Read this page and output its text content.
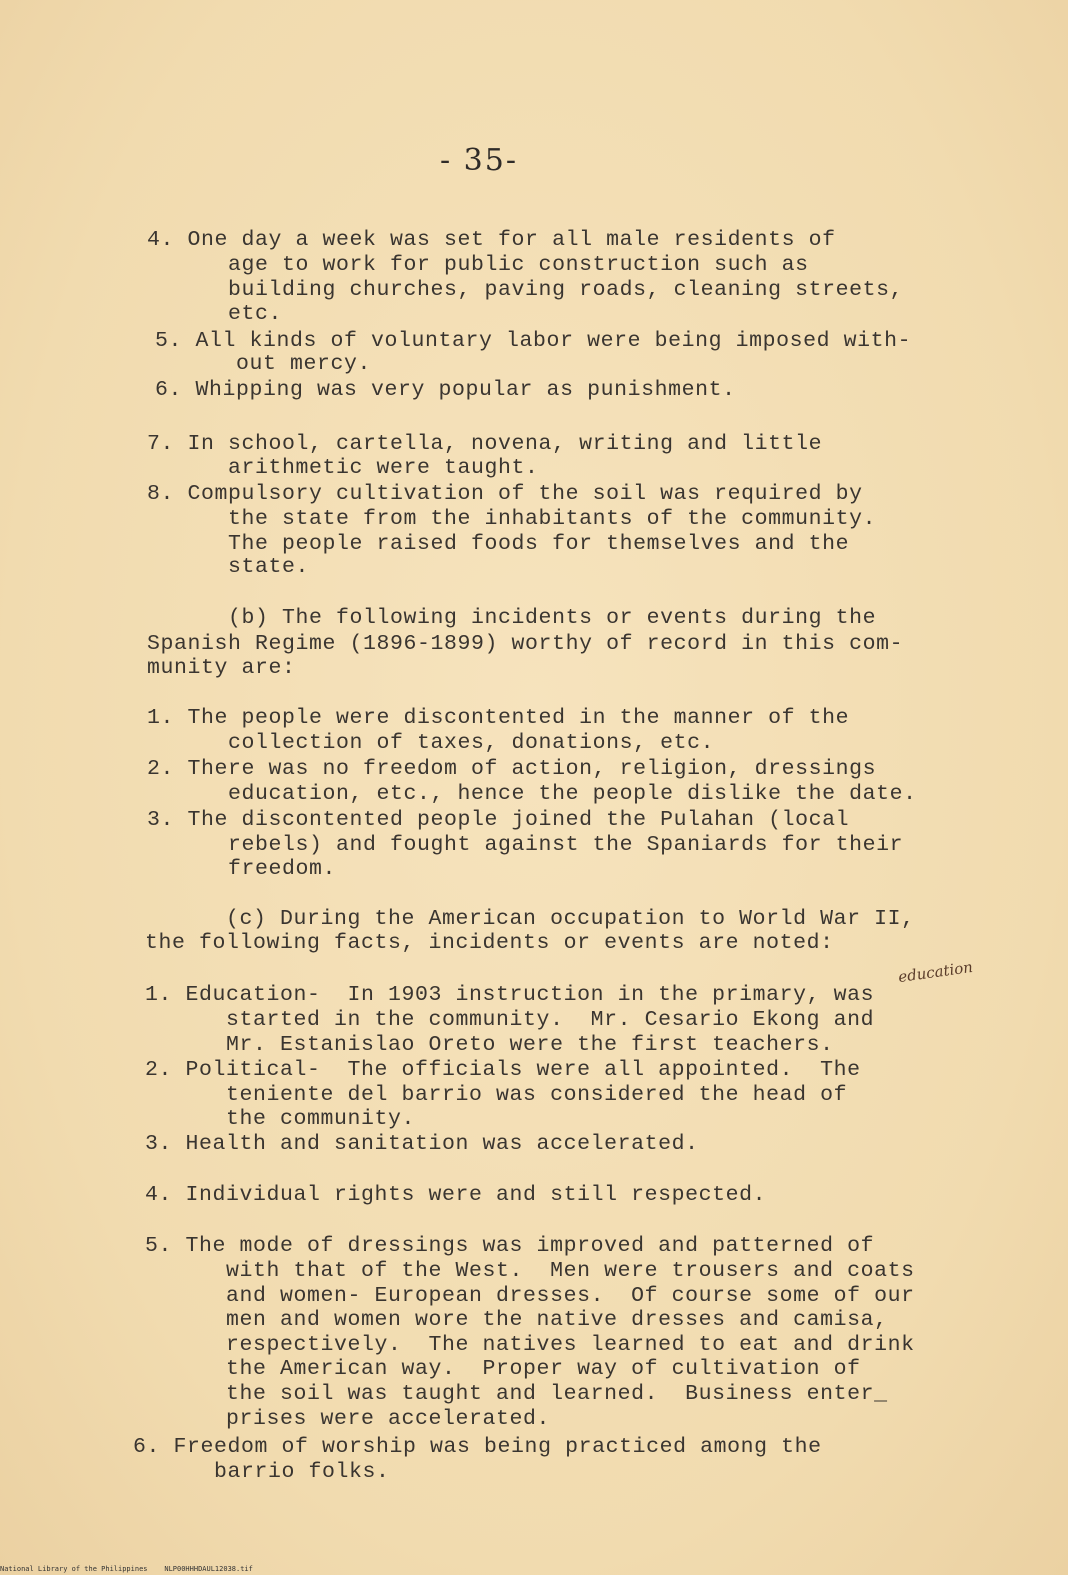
- 35-
4. One day a week was set for all male residents of
age to work for public construction such as
building churches, paving roads, cleaning streets,
etc.
5. All kinds of voluntary labor were being imposed with-
out mercy.
6. Whipping was very popular as punishment.
7. In school, cartella, novena, writing and little
arithmetic were taught.
8. Compulsory cultivation of the soil was required by
the state from the inhabitants of the community.
The people raised foods for themselves and the
state.
(b) The following incidents or events during the
Spanish Regime (1896-1899) worthy of record in this com-
munity are:
1. The people were discontented in the manner of the
collection of taxes, donations, etc.
2. There was no freedom of action, religion, dressings
education, etc., hence the people dislike the date.
3. The discontented people joined the Pulahan (local
rebels) and fought against the Spaniards for their
freedom.
(c) During the American occupation to World War II,
the following facts, incidents or events are noted:
education
1. Education-  In 1903 instruction in the primary, was
started in the community.  Mr. Cesario Ekong and
Mr. Estanislao Oreto were the first teachers.
2. Political-  The officials were all appointed.  The
teniente del barrio was considered the head of
the community.
3. Health and sanitation was accelerated.
4. Individual rights were and still respected.
5. The mode of dressings was improved and patterned of
with that of the West.  Men were trousers and coats
and women- European dresses.  Of course some of our
men and women wore the native dresses and camisa,
respectively.  The natives learned to eat and drink
the American way.  Proper way of cultivation of
the soil was taught and learned.  Business enter_
prises were accelerated.
6. Freedom of worship was being practiced among the
barrio folks.
National Library of the Philippines    NLP00HHHDAUL12038.tif
